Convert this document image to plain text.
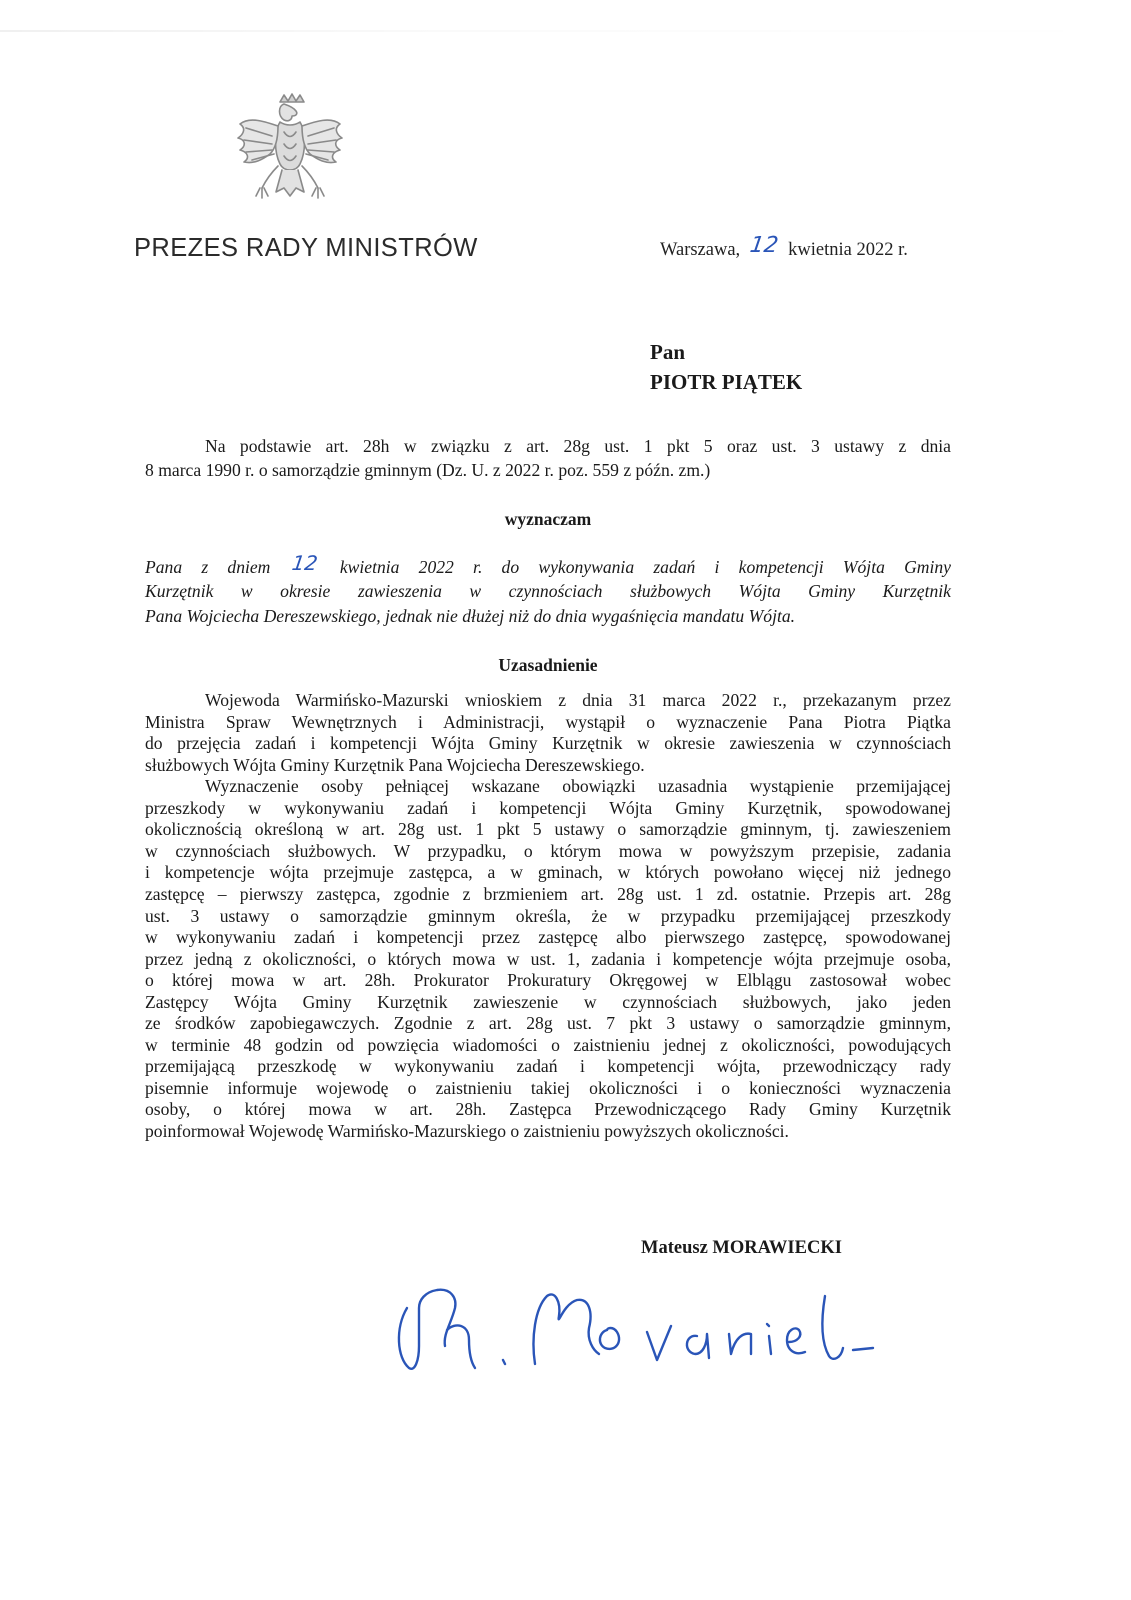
PREZES RADY MINISTRÓW	Warszawa, 12 kwietnia 2022 r.
Pan
PIOTR PIĄTEK
Na podstawie art. 28h w związku z art. 28g ust. 1 pkt 5 oraz ust. 3 ustawy z dnia
8 marca 1990 r. o samorządzie gminnym (Dz. U. z 2022 r. poz. 559 z późn. zm.)
wyznaczam
Pana z dniem 12 kwietnia 2022 r. do wykonywania zadań i kompetencji Wójta Gminy
Kurzętnik w okresie zawieszenia w czynnościach służbowych Wójta Gminy Kurzętnik
Pana Wojciecha Dereszewskiego, jednak nie dłużej niż do dnia wygaśnięcia mandatu Wójta.
Uzasadnienie
Wojewoda Warmińsko-Mazurski wnioskiem z dnia 31 marca 2022 r., przekazanym przez
Ministra Spraw Wewnętrznych i Administracji, wystąpił o wyznaczenie Pana Piotra Piątka
do przejęcia zadań i kompetencji Wójta Gminy Kurzętnik w okresie zawieszenia w czynnościach
służbowych Wójta Gminy Kurzętnik Pana Wojciecha Dereszewskiego.
Wyznaczenie osoby pełniącej wskazane obowiązki uzasadnia wystąpienie przemijającej
przeszkody w wykonywaniu zadań i kompetencji Wójta Gminy Kurzętnik, spowodowanej
okolicznością określoną w art. 28g ust. 1 pkt 5 ustawy o samorządzie gminnym, tj. zawieszeniem
w czynnościach służbowych. W przypadku, o którym mowa w powyższym przepisie, zadania
i kompetencje wójta przejmuje zastępca, a w gminach, w których powołano więcej niż jednego
zastępcę – pierwszy zastępca, zgodnie z brzmieniem art. 28g ust. 1 zd. ostatnie. Przepis art. 28g
ust. 3 ustawy o samorządzie gminnym określa, że w przypadku przemijającej przeszkody
w wykonywaniu zadań i kompetencji przez zastępcę albo pierwszego zastępcę, spowodowanej
przez jedną z okoliczności, o których mowa w ust. 1, zadania i kompetencje wójta przejmuje osoba,
o której mowa w art. 28h. Prokurator Prokuratury Okręgowej w Elblągu zastosował wobec
Zastępcy Wójta Gminy Kurzętnik zawieszenie w czynnościach służbowych, jako jeden
ze środków zapobiegawczych. Zgodnie z art. 28g ust. 7 pkt 3 ustawy o samorządzie gminnym,
w terminie 48 godzin od powzięcia wiadomości o zaistnieniu jednej z okoliczności, powodujących
przemijającą przeszkodę w wykonywaniu zadań i kompetencji wójta, przewodniczący rady
pisemnie informuje wojewodę o zaistnieniu takiej okoliczności i o konieczności wyznaczenia
osoby, o której mowa w art. 28h. Zastępca Przewodniczącego Rady Gminy Kurzętnik
poinformował Wojewodę Warmińsko-Mazurskiego o zaistnieniu powyższych okoliczności.
Mateusz MORAWIECKI
